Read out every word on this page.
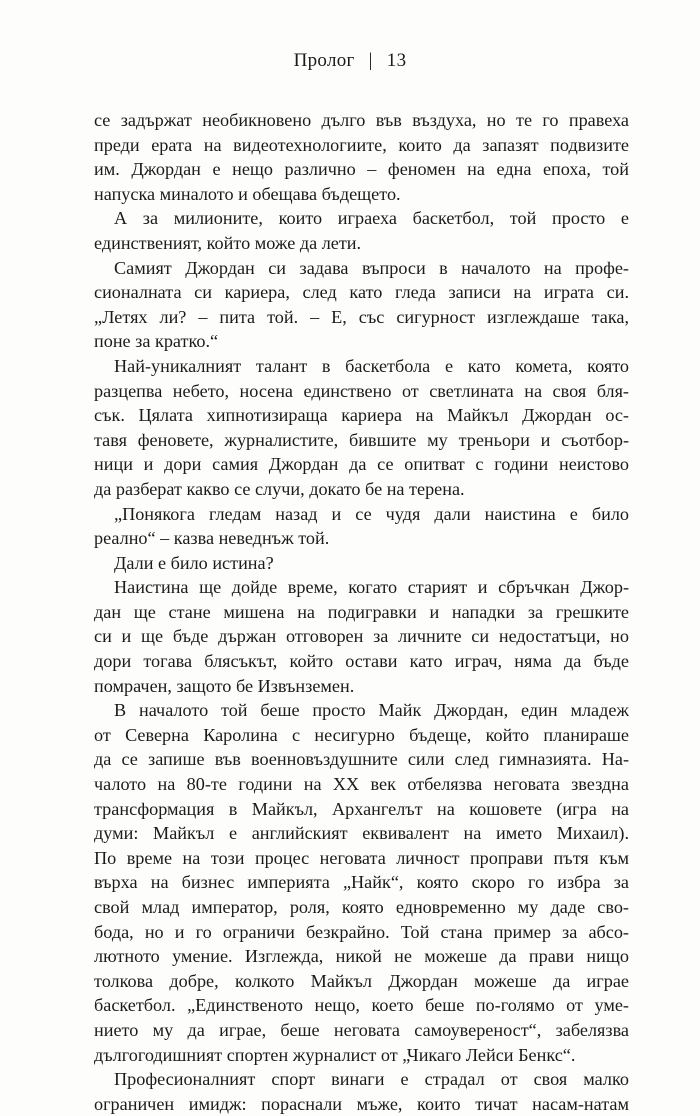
Пролог | 13
се задържат необикновено дълго във въздуха, но те го правеха
преди ерата на видеотехнологиите, които да запазят подвизите
им. Джордан е нещо различно – феномен на една епоха, той
напуска миналото и обещава бъдещето.
А за милионите, които играеха баскетбол, той просто е
единственият, който може да лети.
Самият Джордан си задава въпроси в началото на профе-
сионалната си кариера, след като гледа записи на играта си.
„Летях ли? – пита той. – Е, със сигурност изглеждаше така,
поне за кратко.“
Най-уникалният талант в баскетбола е като комета, която
разцепва небето, носена единствено от светлината на своя бля-
сък. Цялата хипнотизираща кариера на Майкъл Джордан ос-
тавя феновете, журналистите, бившите му треньори и съотбор-
ници и дори самия Джордан да се опитват с години неистово
да разберат какво се случи, докато бе на терена.
„Понякога гледам назад и се чудя дали наистина е било
реално“ – казва неведнъж той.
Дали е било истина?
Наистина ще дойде време, когато старият и сбръчкан Джор-
дан ще стане мишена на подигравки и нападки за грешките
си и ще бъде държан отговорен за личните си недостатъци, но
дори тогава блясъкът, който остави като играч, няма да бъде
помрачен, защото бе Извънземен.
В началото той беше просто Майк Джордан, един младеж
от Северна Каролина с несигурно бъдеще, който планираше
да се запише във военновъздушните сили след гимназията. На-
чалото на 80-те години на XX век отбелязва неговата звездна
трансформация в Майкъл, Архангелът на кошовете (игра на
думи: Майкъл е английският еквивалент на името Михаил).
По време на този процес неговата личност проправи пътя към
върха на бизнес империята „Найк“, която скоро го избра за
свой млад император, роля, която едновременно му даде сво-
бода, но и го ограничи безкрайно. Той стана пример за абсо-
лютното умение. Изглежда, никой не можеше да прави нищо
толкова добре, колкото Майкъл Джордан можеше да играе
баскетбол. „Единственото нещо, което беше по-голямо от уме-
нието му да играе, беше неговата самоувереност“, забелязва
дългогодишният спортен журналист от „Чикаго Лейси Бенкс“.
Професионалният спорт винаги е страдал от своя малко
ограничен имидж: пораснали мъже, които тичат насам-натам
